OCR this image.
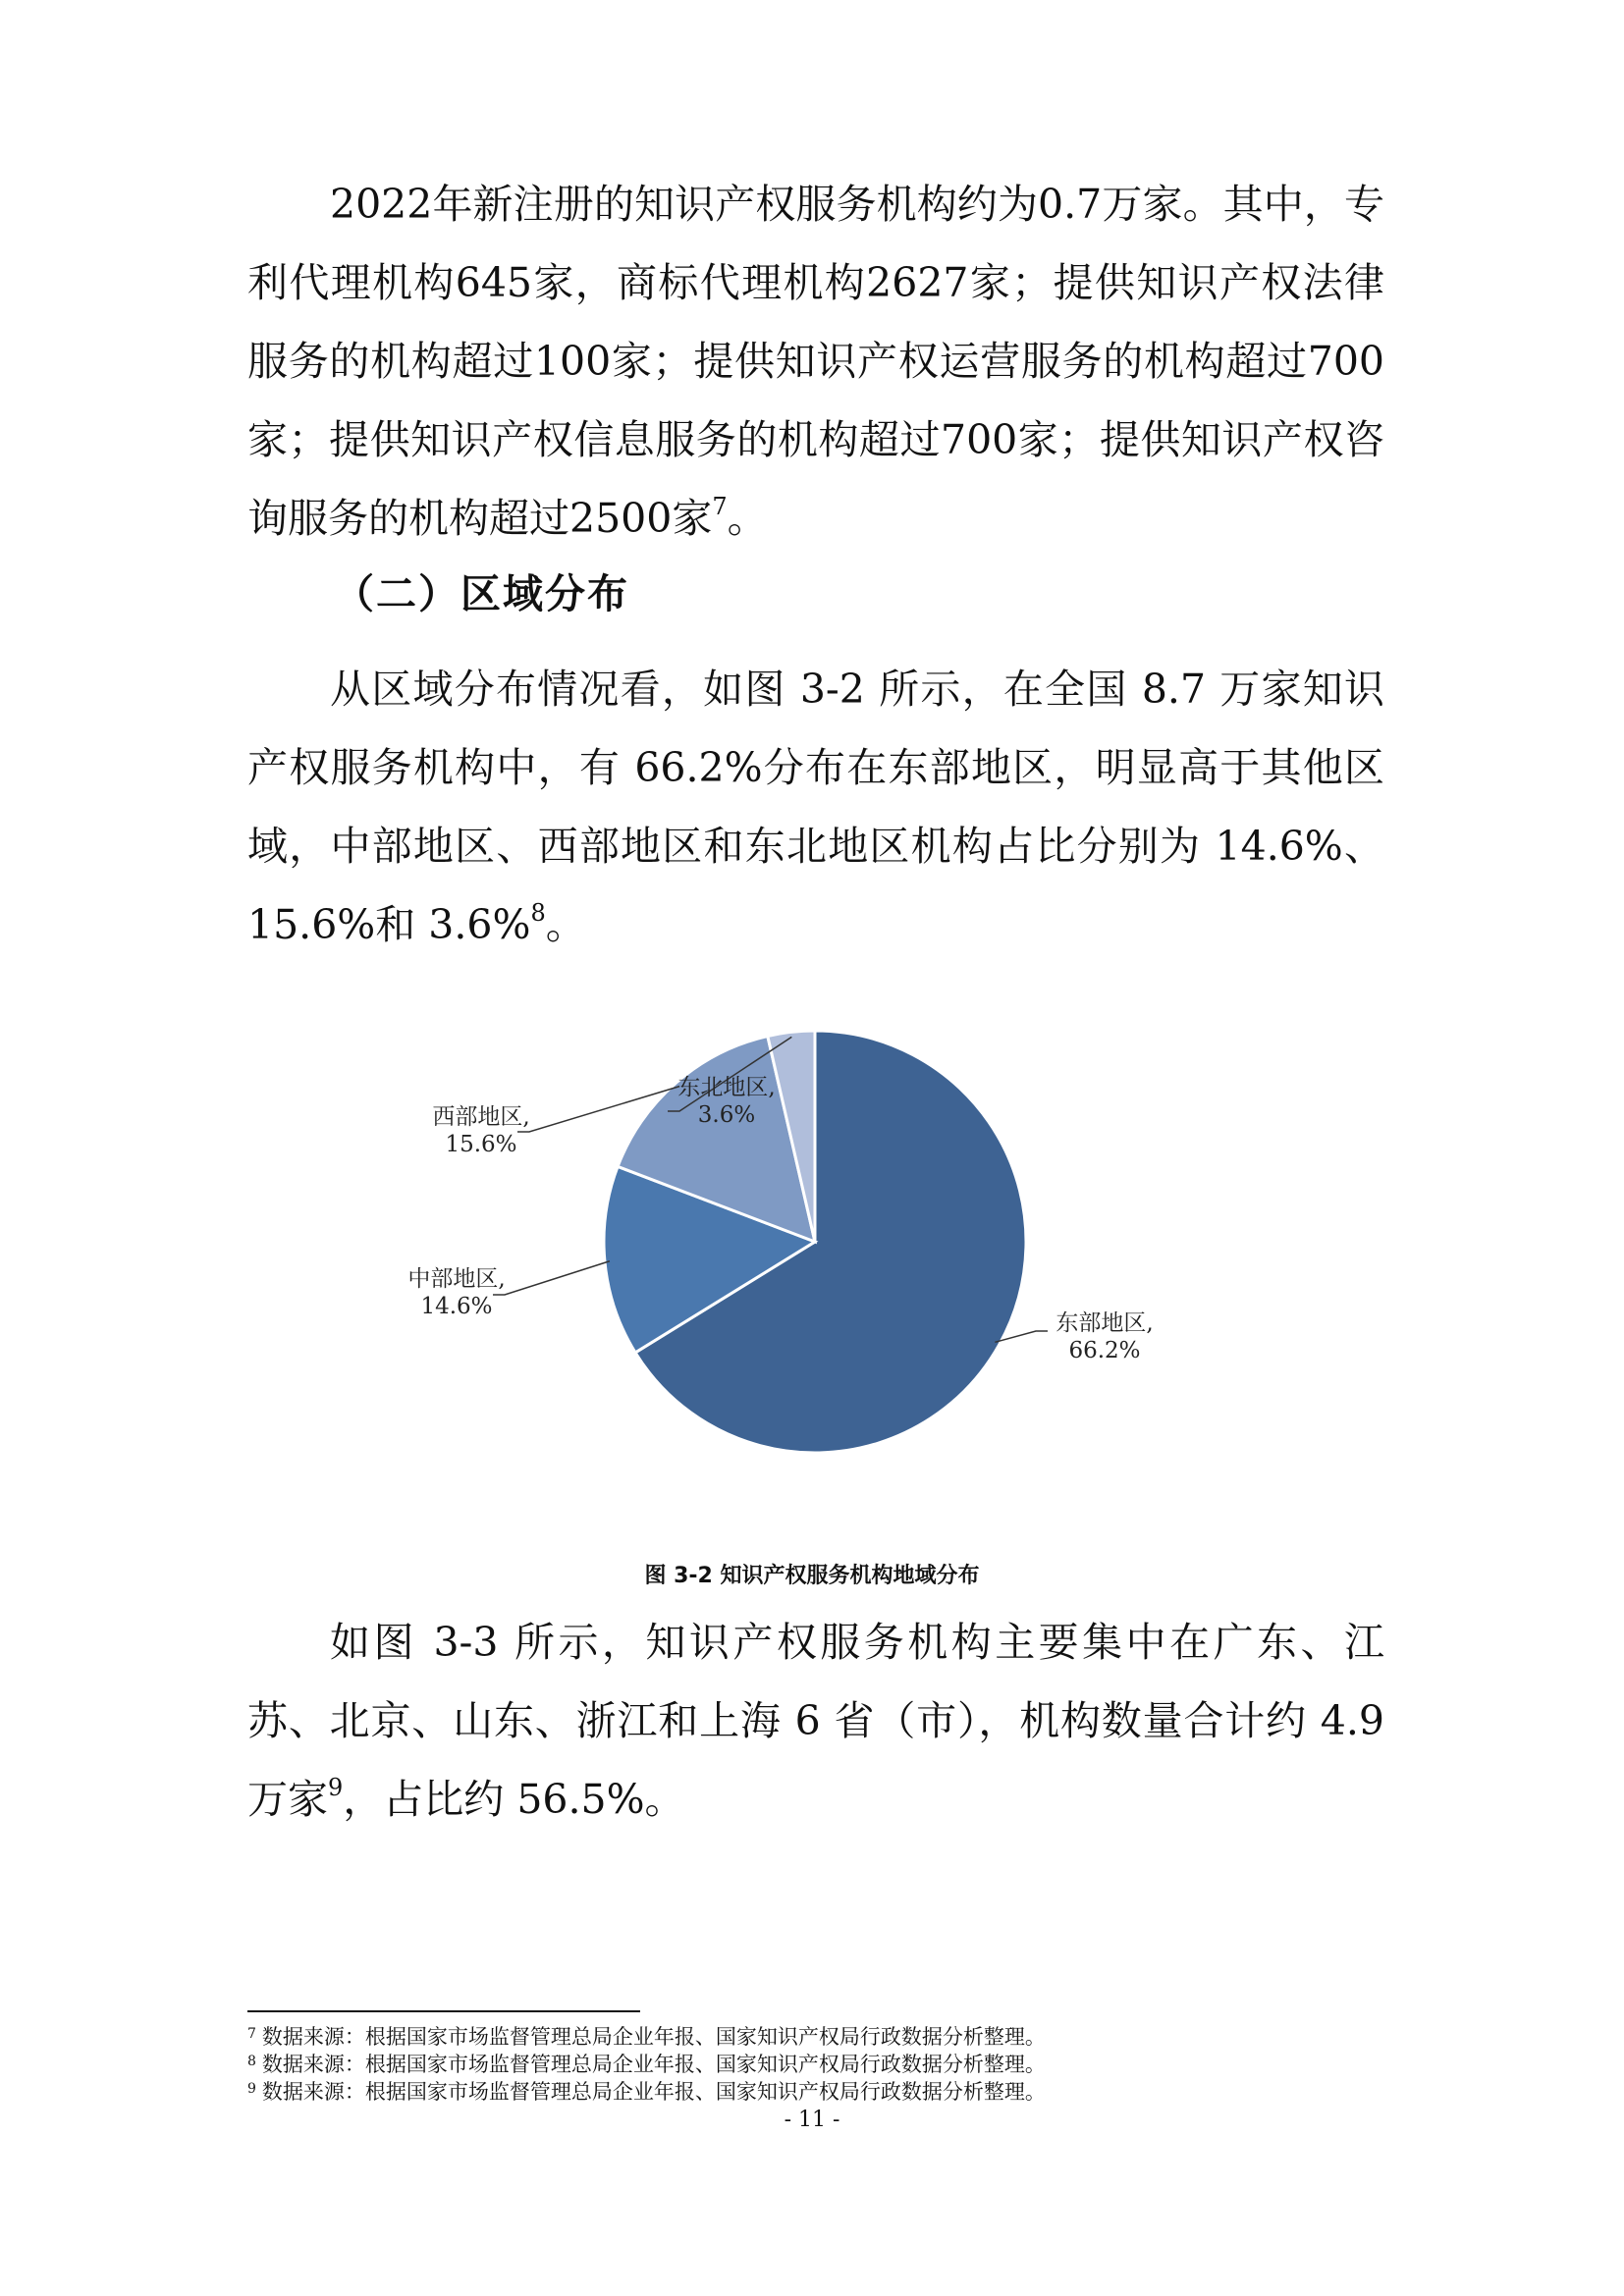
2022年新注册的知识产权服务机构约为0.7万家。其中，专利代理机构645家，商标代理机构2627家；提供知识产权法律服务的机构超过100家；提供知识产权运营服务的机构超过700家；提供知识产权信息服务的机构超过700家；提供知识产权咨询服务的机构超过2500家$^7$。

（二）区域分布

从区域分布情况看，如图 3-2 所示，在全国 8.7 万家知识产权服务机构中，有 66.2%分布在东部地区，明显高于其他区域，中部地区、西部地区和东北地区机构占比分别为 14.6%、15.6%和 3.6%$^8$。

东部地区,
66.2%
中部地区,
14.6%
西部地区,
15.6%
东北地区,
3.6%

图 3-2 知识产权服务机构地域分布

如图 3-3 所示，知识产权服务机构主要集中在广东、江苏、北京、山东、浙江和上海 6 省（市），机构数量合计约 4.9 万家$^9$，占比约 56.5%。

$^7$ 数据来源：根据国家市场监督管理总局企业年报、国家知识产权局行政数据分析整理。

$^8$ 数据来源：根据国家市场监督管理总局企业年报、国家知识产权局行政数据分析整理。

$^9$ 数据来源：根据国家市场监督管理总局企业年报、国家知识产权局行政数据分析整理。

- 11 -
